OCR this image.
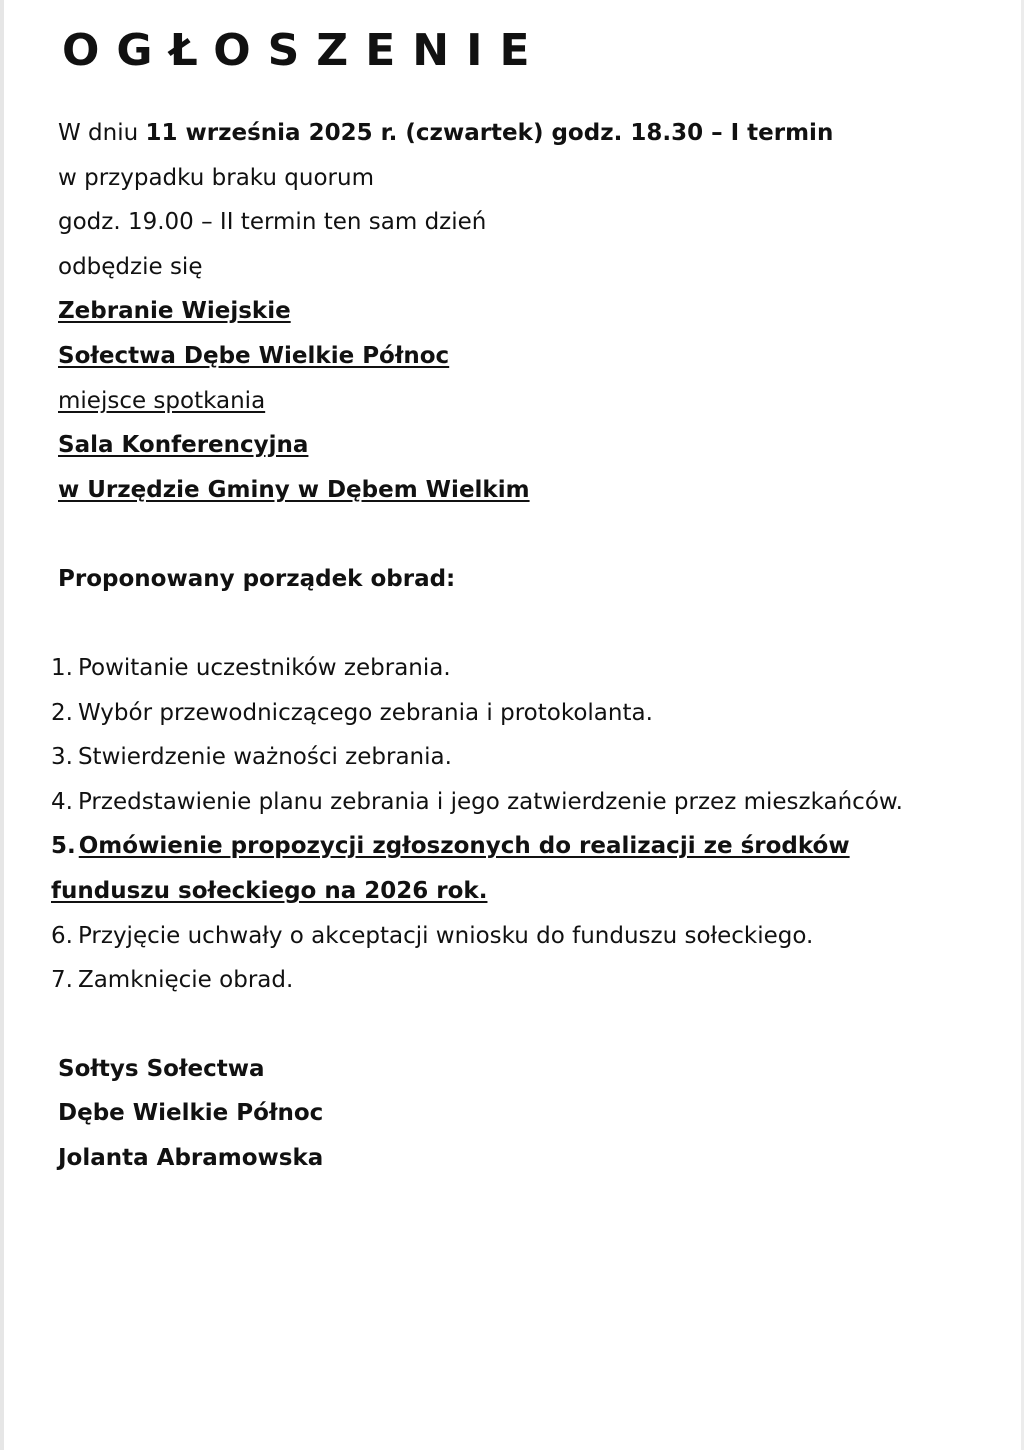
OGŁOSZENIE
W dniu 11 września 2025 r. (czwartek) godz. 18.30 – I termin
w przypadku braku quorum
godz. 19.00 – II termin ten sam dzień
odbędzie się
Zebranie Wiejskie
Sołectwa Dębe Wielkie Północ
miejsce spotkania
Sala Konferencyjna
w Urzędzie Gminy w Dębem Wielkim
Proponowany porządek obrad:
1. Powitanie uczestników zebrania.
2. Wybór przewodniczącego zebrania i protokolanta.
3. Stwierdzenie ważności zebrania.
4. Przedstawienie planu zebrania i jego zatwierdzenie przez mieszkańców.
5. Omówienie propozycji zgłoszonych do realizacji ze środków
funduszu sołeckiego na 2026 rok.
6. Przyjęcie uchwały o akceptacji wniosku do funduszu sołeckiego.
7. Zamknięcie obrad.
Sołtys Sołectwa
Dębe Wielkie Północ
Jolanta Abramowska
